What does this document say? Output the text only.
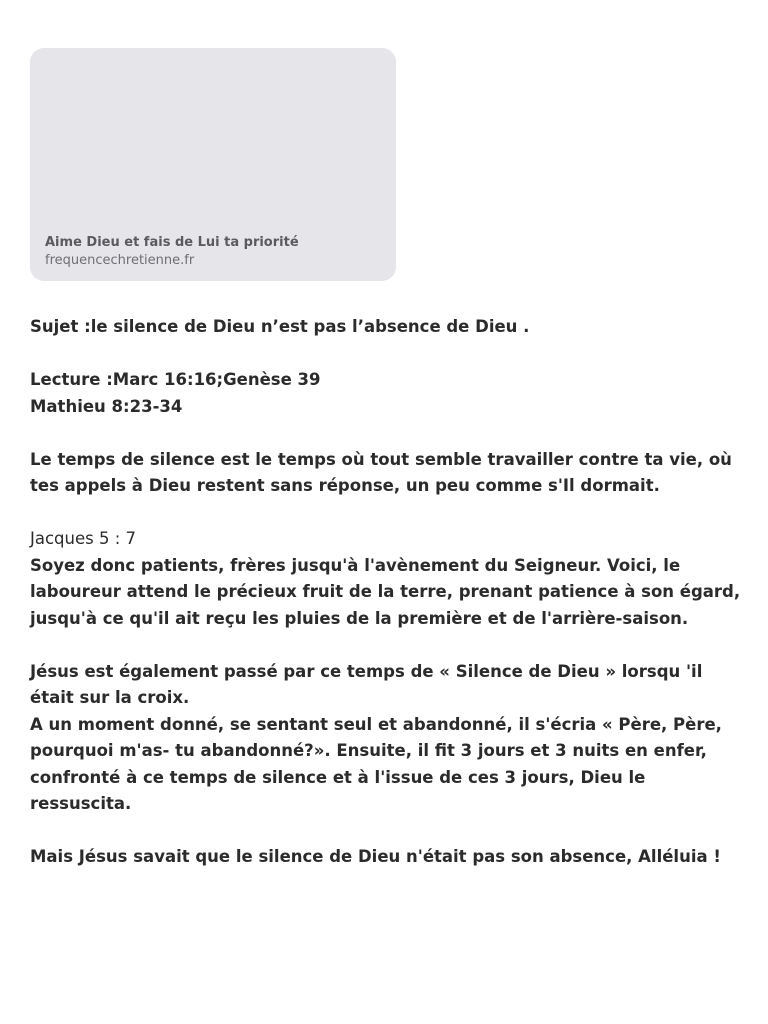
Aime Dieu et fais de Lui ta priorité
frequencechretienne.fr

Sujet :le silence de Dieu n’est pas l’absence de Dieu .

Lecture :Marc 16:16;Genèse 39

Mathieu 8:23-34

Le temps de silence est le temps où tout semble travailler contre ta vie, où tes appels à Dieu restent sans réponse, un peu comme s'Il dormait.

Jacques 5 : 7

Soyez donc patients, frères jusqu'à l'avènement du Seigneur. Voici, le laboureur attend le précieux fruit de la terre, prenant patience à son égard, jusqu'à ce qu'il ait reçu les pluies de la première et de l'arrière-saison.

Jésus est également passé par ce temps de « Silence de Dieu » lorsqu 'il était sur la croix.

A un moment donné, se sentant seul et abandonné, il s'écria « Père, Père, pourquoi m'as- tu abandonné?». Ensuite, il fit 3 jours et 3 nuits en enfer, confronté à ce temps de silence et à l'issue de ces 3 jours, Dieu le ressuscita.

Mais Jésus savait que le silence de Dieu n'était pas son absence, Alléluia !
